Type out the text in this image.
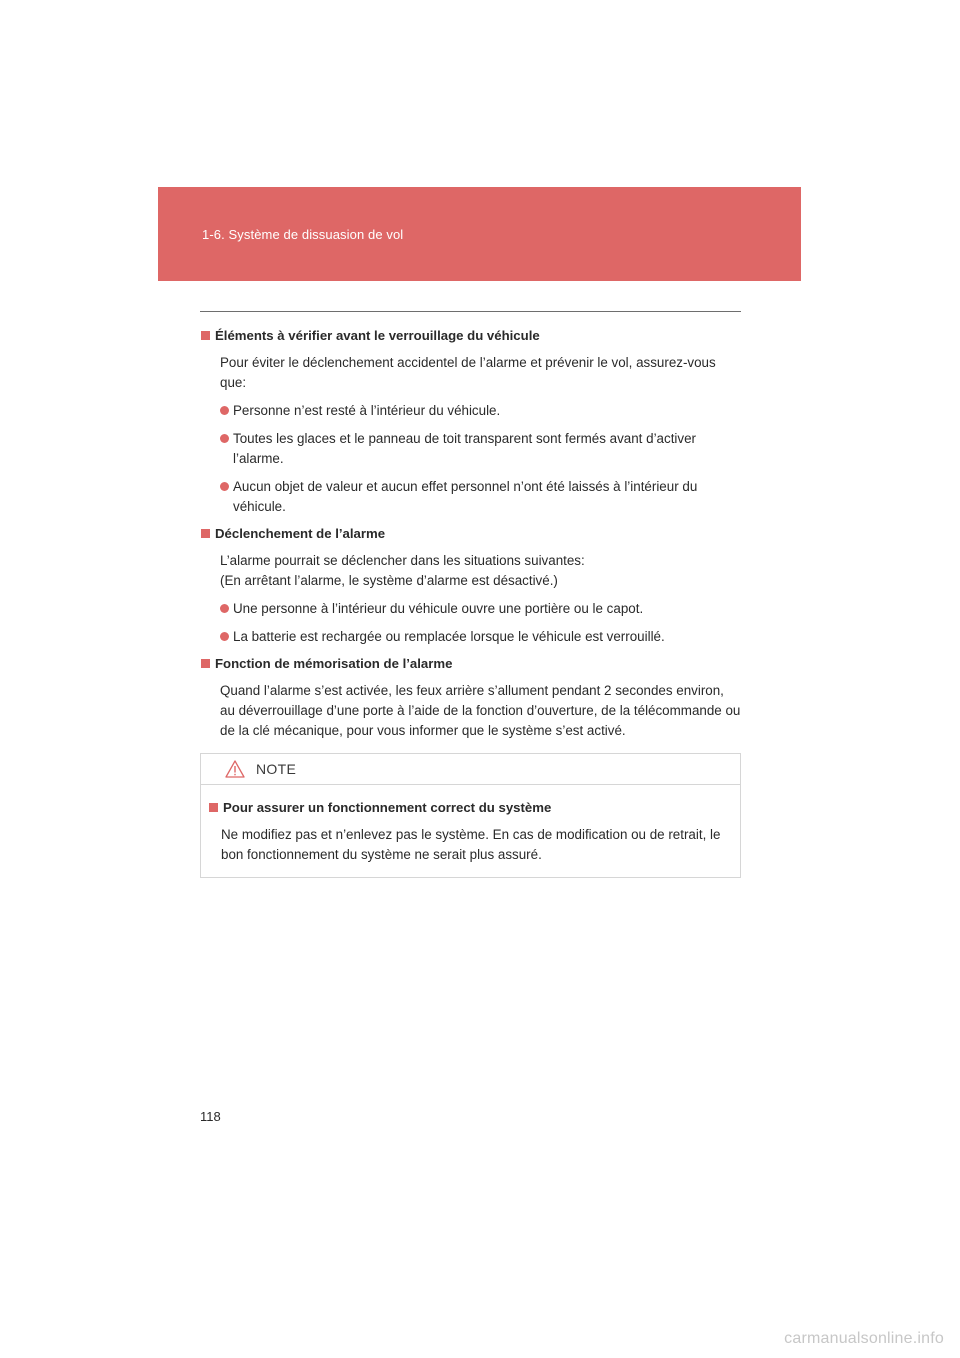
1-6. Système de dissuasion de vol
Éléments à vérifier avant le verrouillage du véhicule
Pour éviter le déclenchement accidentel de l’alarme et prévenir le vol, assurez-vous que:
Personne n’est resté à l’intérieur du véhicule.
Toutes les glaces et le panneau de toit transparent sont fermés avant d’activer l’alarme.
Aucun objet de valeur et aucun effet personnel n’ont été laissés à l’intérieur du véhicule.
Déclenchement de l’alarme
L’alarme pourrait se déclencher dans les situations suivantes:
(En arrêtant l’alarme, le système d’alarme est désactivé.)
Une personne à l’intérieur du véhicule ouvre une portière ou le capot.
La batterie est rechargée ou remplacée lorsque le véhicule est verrouillé.
Fonction de mémorisation de l’alarme
Quand l’alarme s’est activée, les feux arrière s’allument pendant 2 secondes environ, au déverrouillage d’une porte à l’aide de la fonction d’ouverture, de la télécommande ou de la clé mécanique, pour vous informer que le système s’est activé.
NOTE
Pour assurer un fonctionnement correct du système
Ne modifiez pas et n’enlevez pas le système. En cas de modification ou de retrait, le bon fonctionnement du système ne serait plus assuré.
118
carmanualsonline.info
